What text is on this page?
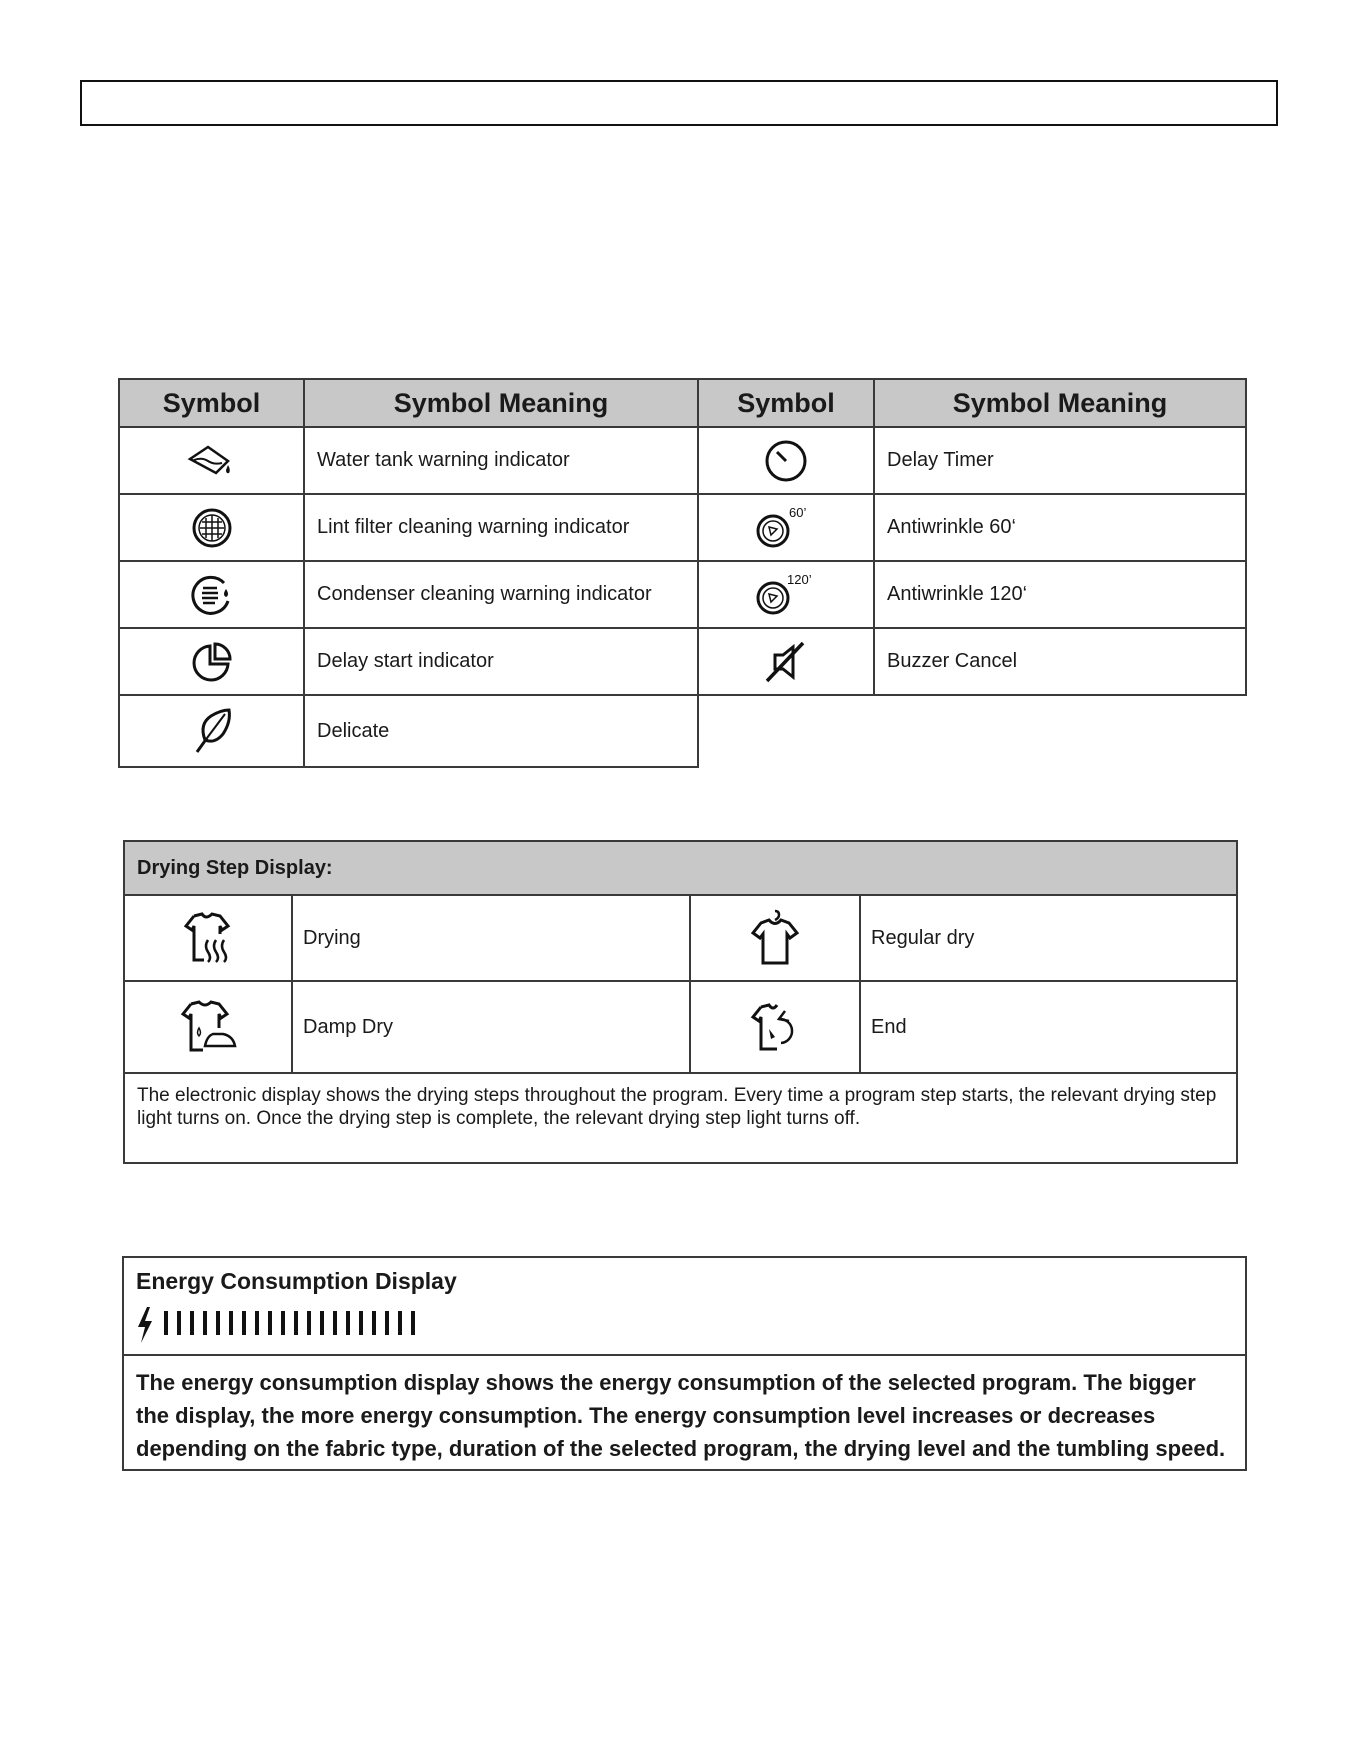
Symbol	Symbol Meaning	Symbol	Symbol Meaning

	Water tank warning indicator		Delay Timer

	Lint filter cleaning warning indicator	60’	Antiwrinkle 60‘

	Condenser cleaning warning indicator	120’	Antiwrinkle 120‘

	Delay start indicator		Buzzer Cancel

	Delicate		
Drying Step Display:			

	Drying		Regular dry

	Damp Dry		End
The electronic display shows the drying steps throughout the program. Every time a program step starts, the relevant drying step light turns on. Once the drying step is complete, the relevant drying step light turns off.			
Energy Consumption Display
The energy consumption display shows the energy consumption of the selected program. The bigger the display, the more energy consumption. The energy consumption level increases or decreases depending on the fabric type, duration of the selected program, the drying level and the tumbling speed.
